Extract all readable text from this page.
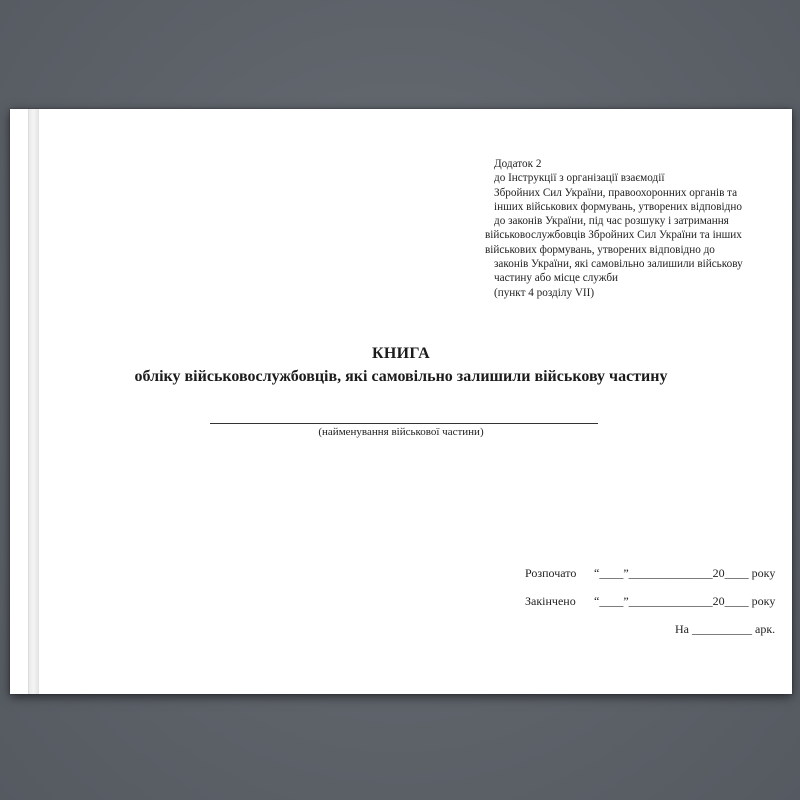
Додаток 2
до Інструкції з організації взаємодії
Збройних Сил України, правоохоронних органів та
інших військових формувань, утворених відповідно
до законів України, під час розшуку і затримання
військовослужбовців Збройних Сил України та інших
військових формувань, утворених відповідно до
законів України, які самовільно залишили військову
частину або місце служби
(пункт 4 розділу VII)
КНИГА
обліку військовослужбовців, які самовільно залишили військову частину
(найменування військової частини)
Розпочато “____”______________20____ року
Закінчено “____”______________20____ року
На __________ арк.
